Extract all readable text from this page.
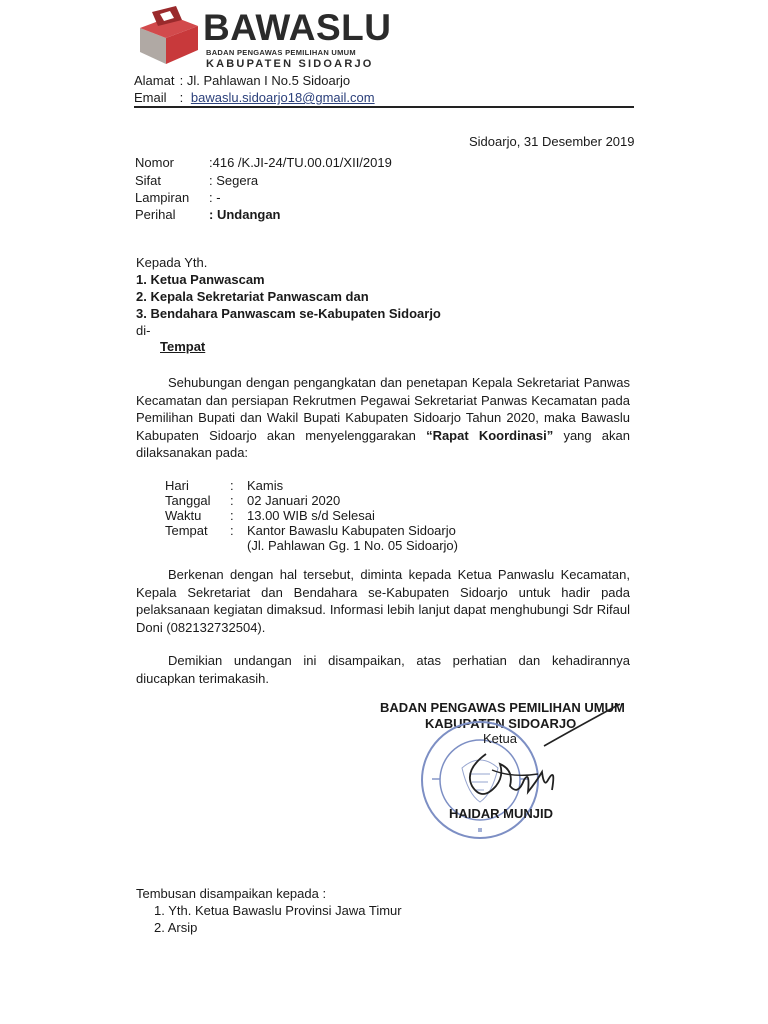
BAWASLU
BADAN PENGAWAS PEMILIHAN UMUM
KABUPATEN SIDOARJO
Alamat : Jl. Pahlawan I No.5 Sidoarjo
Email : bawaslu.sidoarjo18@gmail.com
Sidoarjo, 31 Desember 2019
Nomor	:416 /K.JI-24/TU.00.01/XII/2019
Sifat	: Segera
Lampiran : -
Perihal	: Undangan
Kepada Yth.
1. Ketua Panwascam
2. Kepala Sekretariat Panwascam dan
3. Bendahara Panwascam se-Kabupaten Sidoarjo
di-
Tempat
Sehubungan dengan pengangkatan dan penetapan Kepala Sekretariat Panwas Kecamatan dan persiapan Rekrutmen Pegawai Sekretariat Panwas Kecamatan pada Pemilihan Bupati dan Wakil Bupati Kabupaten Sidoarjo Tahun 2020, maka Bawaslu Kabupaten Sidoarjo akan menyelenggarakan “Rapat Koordinasi” yang akan dilaksanakan pada:
Hari	: Kamis
Tanggal : 02 Januari 2020
Waktu : 13.00 WIB s/d Selesai
Tempat : Kantor Bawaslu Kabupaten Sidoarjo
(Jl. Pahlawan Gg. 1 No. 05 Sidoarjo)
Berkenan dengan hal tersebut, diminta kepada Ketua Panwaslu Kecamatan, Kepala Sekretariat dan Bendahara se-Kabupaten Sidoarjo untuk hadir pada pelaksanaan kegiatan dimaksud. Informasi lebih lanjut dapat menghubungi Sdr Rifaul Doni (082132732504).
Demikian undangan ini disampaikan, atas perhatian dan kehadirannya diucapkan terimakasih.
BADAN PENGAWAS PEMILIHAN UMUM
KABUPATEN SIDOARJO
Ketua
HAIDAR MUNJID
Tembusan disampaikan kepada :
1. Yth. Ketua Bawaslu Provinsi Jawa Timur
2. Arsip
